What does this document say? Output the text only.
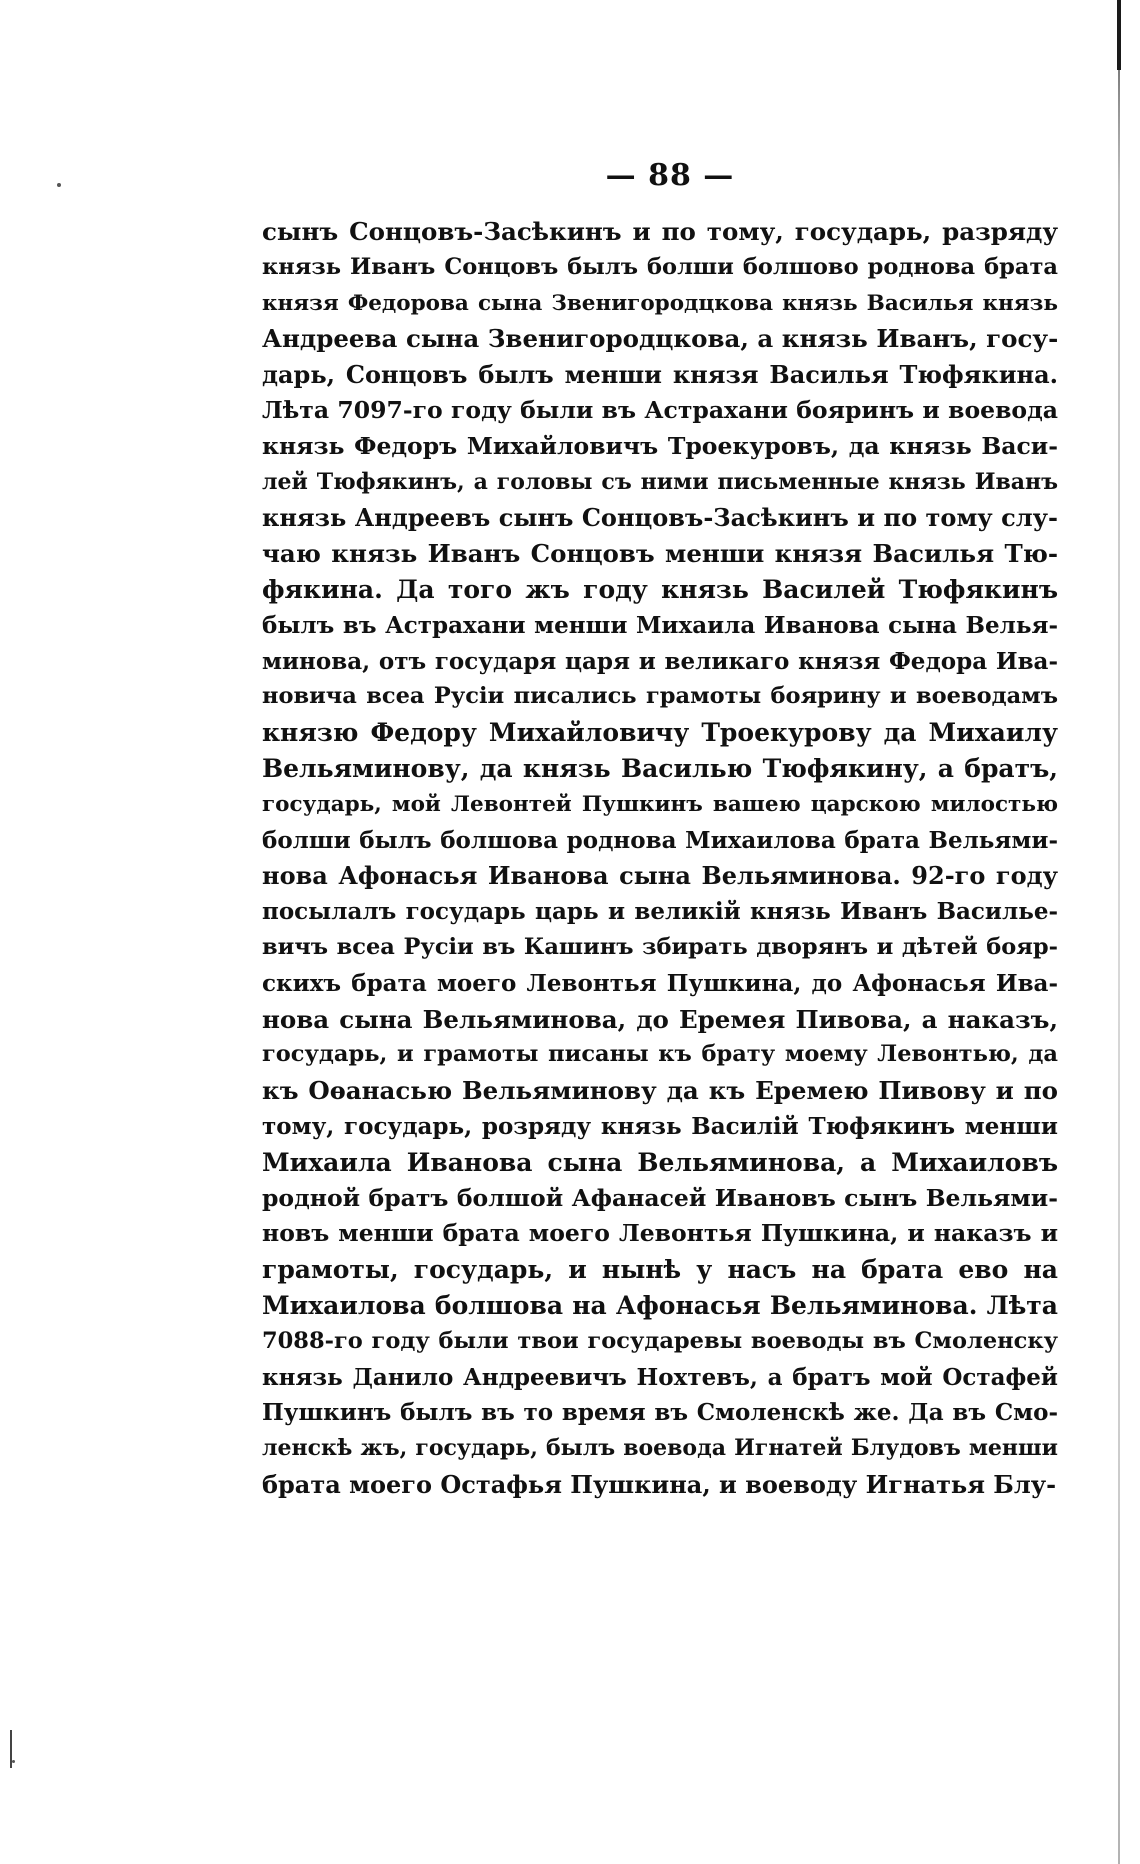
— 88 —
сынъ Сонцовъ-Засѣкинъ и по тому, государь, разряду
князь Иванъ Сонцовъ былъ болши болшово роднова брата
князя Федорова сына Звенигородцкова князь Василья князь
Андреева сына Звенигородцкова, а князь Иванъ, госу-
дарь, Сонцовъ былъ менши князя Василья Тюфякина.
Лѣта 7097-го году были въ Астрахани бояринъ и воевода
князь Федоръ Михайловичъ Троекуровъ, да князь Васи-
лей Тюфякинъ, а головы съ ними письменные князь Иванъ
князь Андреевъ сынъ Сонцовъ-Засѣкинъ и по тому слу-
чаю князь Иванъ Сонцовъ менши князя Василья Тю-
фякина. Да того жъ году князь Василей Тюфякинъ
былъ въ Астрахани менши Михаила Иванова сына Велья-
минова, отъ государя царя и великаго князя Федора Ива-
новича всеа Русіи писались грамоты боярину и воеводамъ
князю Федору Михайловичу Троекурову да Михаилу
Вельяминову, да князь Василью Тюфякину, а братъ,
государь, мой Левонтей Пушкинъ вашею царскою милостью
болши былъ болшова роднова Михаилова брата Вельями-
нова Афонасья Иванова сына Вельяминова. 92-го году
посылалъ государь царь и великій князь Иванъ Василье-
вичъ всеа Русіи въ Кашинъ збирать дворянъ и дѣтей бояр-
скихъ брата моего Левонтья Пушкина, до Афонасья Ива-
нова сына Вельяминова, до Еремея Пивова, а наказъ,
государь, и грамоты писаны къ брату моему Левонтью, да
къ Оѳанасью Вельяминову да къ Еремею Пивову и по
тому, государь, розряду князь Василій Тюфякинъ менши
Михаила Иванова сына Вельяминова, а Михаиловъ
родной братъ болшой Афанасей Ивановъ сынъ Вельями-
новъ менши брата моего Левонтья Пушкина, и наказъ и
грамоты, государь, и нынѣ у насъ на брата ево на
Михаилова болшова на Афонасья Вельяминова. Лѣта
7088-го году были твои государевы воеводы въ Смоленску
князь Данило Андреевичъ Нохтевъ, а братъ мой Остафей
Пушкинъ былъ въ то время въ Смоленскѣ же. Да въ Смо-
ленскѣ жъ, государь, былъ воевода Игнатей Блудовъ менши
брата моего Остафья Пушкина, и воеводу Игнатья Блу-
